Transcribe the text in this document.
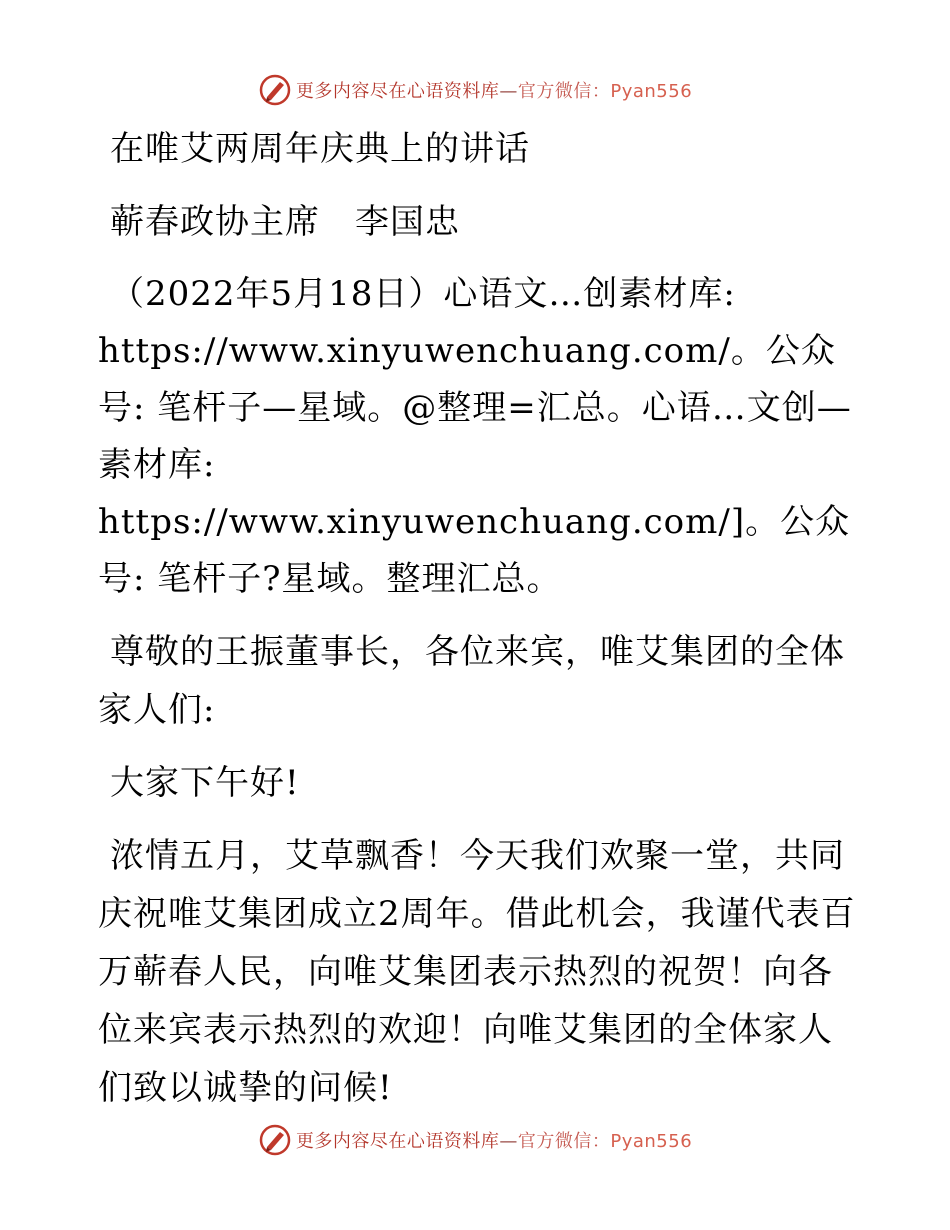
更多内容尽在心语资料库—官方微信：Pyan556

在唯艾两周年庆典上的讲话

蕲春政协主席　李国忠

（2022年5月18日）心语文…创素材库: https://www.xinyuwenchuang.com/。公众号: 笔杆子—星域。@整理=汇总。心语…文创—素材库: https://www.xinyuwenchuang.com/]。公众号: 笔杆子?星域。整理汇总。

尊敬的王振董事长，各位来宾，唯艾集团的全体家人们:

大家下午好!

浓情五月，艾草飘香！今天我们欢聚一堂，共同庆祝唯艾集团成立2周年。借此机会，我谨代表百万蕲春人民，向唯艾集团表示热烈的祝贺！向各位来宾表示热烈的欢迎！向唯艾集团的全体家人们致以诚挚的问候!

更多内容尽在心语资料库—官方微信：Pyan556
